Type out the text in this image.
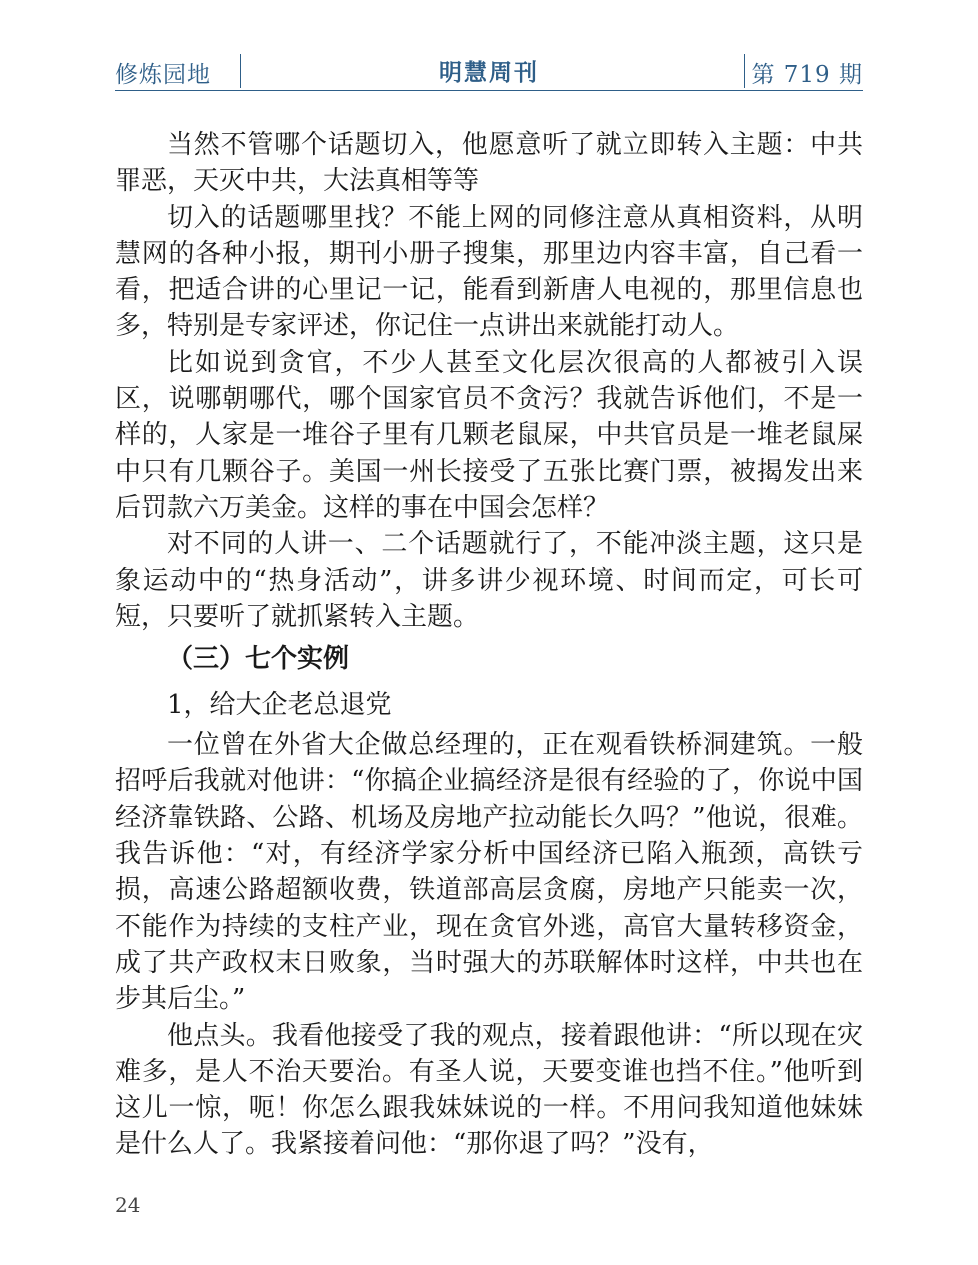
修炼园地	明慧周刊	第 719 期

当然不管哪个话题切入，他愿意听了就立即转入主题：中共罪恶，天灭中共，大法真相等等

切入的话题哪里找？不能上网的同修注意从真相资料，从明慧网的各种小报，期刊小册子搜集，那里边内容丰富，自己看一看，把适合讲的心里记一记，能看到新唐人电视的，那里信息也多，特别是专家评述，你记住一点讲出来就能打动人。

比如说到贪官，不少人甚至文化层次很高的人都被引入误区，说哪朝哪代，哪个国家官员不贪污？我就告诉他们，不是一样的，人家是一堆谷子里有几颗老鼠屎，中共官员是一堆老鼠屎中只有几颗谷子。美国一州长接受了五张比赛门票，被揭发出来后罚款六万美金。这样的事在中国会怎样？

对不同的人讲一、二个话题就行了，不能冲淡主题，这只是象运动中的“热身活动”，讲多讲少视环境、时间而定，可长可短，只要听了就抓紧转入主题。

（三）七个实例

1，给大企老总退党

一位曾在外省大企做总经理的，正在观看铁桥洞建筑。一般招呼后我就对他讲：“你搞企业搞经济是很有经验的了，你说中国经济靠铁路、公路、机场及房地产拉动能长久吗？”他说，很难。我告诉他：“对，有经济学家分析中国经济已陷入瓶颈，高铁亏损，高速公路超额收费，铁道部高层贪腐，房地产只能卖一次，不能作为持续的支柱产业，现在贪官外逃，高官大量转移资金，成了共产政权末日败象，当时强大的苏联解体时这样，中共也在步其后尘。”

他点头。我看他接受了我的观点，接着跟他讲：“所以现在灾难多，是人不治天要治。有圣人说，天要变谁也挡不住。”他听到这儿一惊，呃！你怎么跟我妹妹说的一样。不用问我知道他妹妹是什么人了。我紧接着问他：“那你退了吗？”没有，

24
